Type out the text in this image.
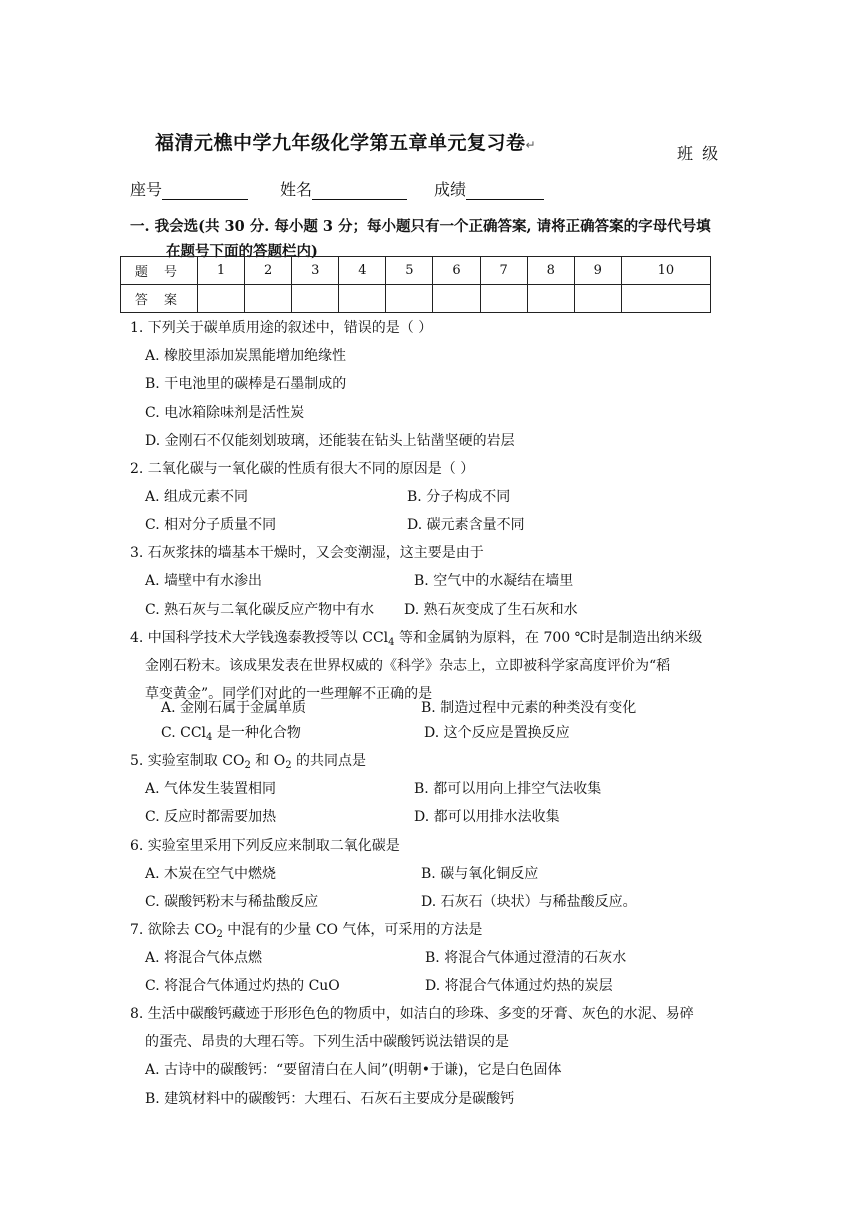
福清元樵中学九年级化学第五章单元复习卷↵	班 级
座号	姓名	成绩
一. 我会选(共 30 分. 每小题 3 分；每小题只有一个正确答案, 请将正确答案的字母代号填
在题号下面的答题栏内)
题 号	1	2	3	4	5	6	7	8	9	10
答 案										
1. 下列关于碳单质用途的叙述中，错误的是（ ）
A. 橡胶里添加炭黑能增加绝缘性
B. 干电池里的碳棒是石墨制成的
C. 电冰箱除味剂是活性炭
D. 金刚石不仅能刻划玻璃，还能装在钻头上钻凿坚硬的岩层
2. 二氧化碳与一氧化碳的性质有很大不同的原因是（ ）
A. 组成元素不同	B. 分子构成不同
C. 相对分子质量不同	D. 碳元素含量不同
3. 石灰浆抹的墙基本干燥时，又会变潮湿，这主要是由于
A. 墙壁中有水渗出	B. 空气中的水凝结在墙里
C. 熟石灰与二氧化碳反应产物中有水 D. 熟石灰变成了生石灰和水
4. 中国科学技术大学钱逸泰教授等以 CCl$_4$ 等和金属钠为原料，在 700 ℃时是制造出纳米级
金刚石粉末。该成果发表在世界权威的《科学》杂志上，立即被科学家高度评价为“稻
草变黄金”。同学们对此的一些理解不正确的是
A. 金刚石属于金属单质	B. 制造过程中元素的种类没有变化
C. CCl$_4$ 是一种化合物	D. 这个反应是置换反应
5. 实验室制取 $CO_2$ 和 $O_2$ 的共同点是
A. 气体发生装置相同	B. 都可以用向上排空气法收集
C. 反应时都需要加热	D. 都可以用排水法收集
6. 实验室里采用下列反应来制取二氧化碳是
A. 木炭在空气中燃烧	B. 碳与氧化铜反应
C. 碳酸钙粉末与稀盐酸反应	D. 石灰石（块状）与稀盐酸反应。
7. 欲除去 $CO_2$ 中混有的少量 CO 气体，可采用的方法是
A. 将混合气体点燃	B. 将混合气体通过澄清的石灰水
C. 将混合气体通过灼热的 CuO	D. 将混合气体通过灼热的炭层
8. 生活中碳酸钙藏迹于形形色色的物质中，如洁白的珍珠、多变的牙膏、灰色的水泥、易碎
的蛋壳、昂贵的大理石等。下列生活中碳酸钙说法错误的是
A. 古诗中的碳酸钙：“要留清白在人间”(明朝•于谦)，它是白色固体
B. 建筑材料中的碳酸钙：大理石、石灰石主要成分是碳酸钙
